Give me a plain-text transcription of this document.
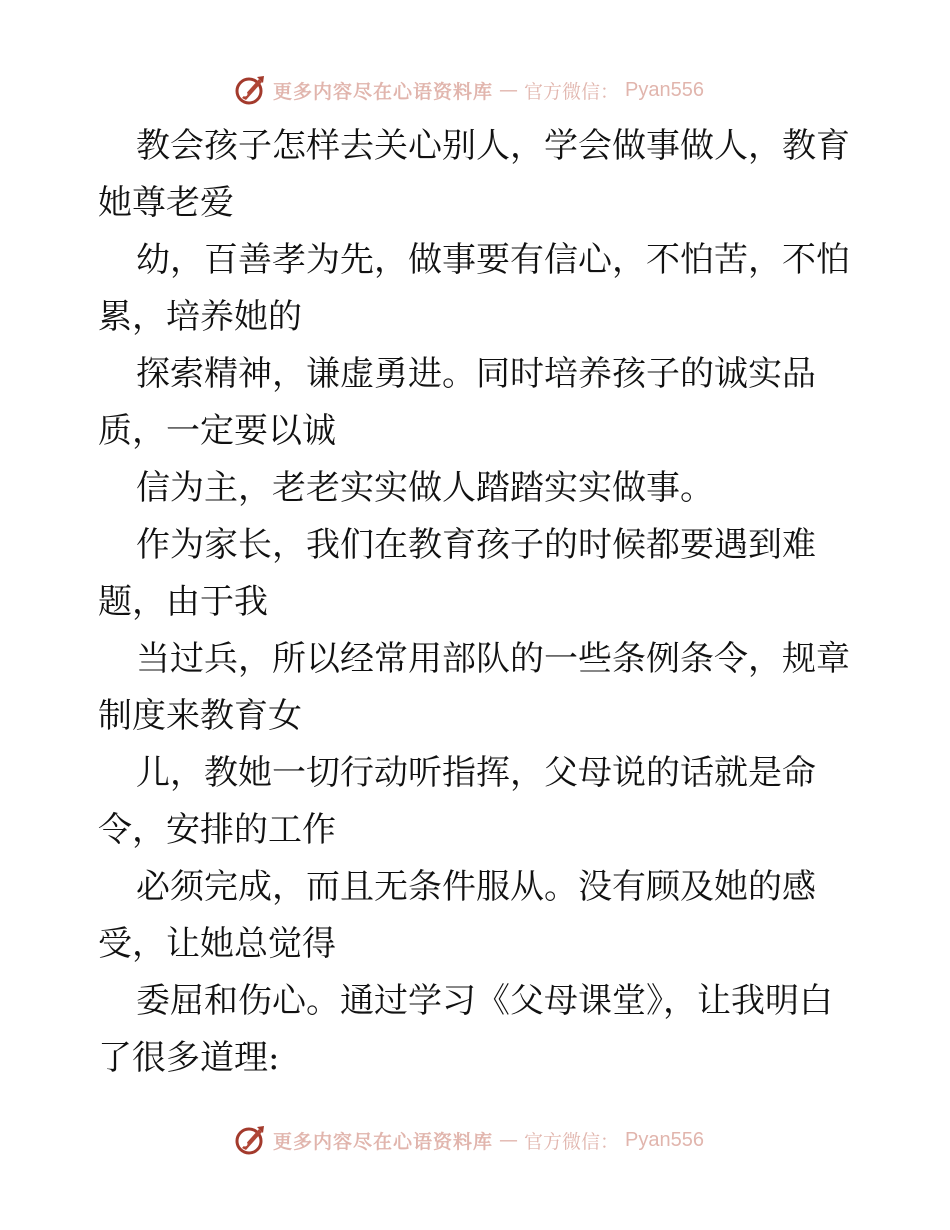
更多内容尽在心语资料库 — 官方微信： Pyan556
教会孩子怎样去关心别人，学会做事做人，教育
她尊老爱
幼，百善孝为先，做事要有信心，不怕苦，不怕
累，培养她的
探索精神，谦虚勇进。同时培养孩子的诚实品
质，一定要以诚
信为主，老老实实做人踏踏实实做事。
作为家长，我们在教育孩子的时候都要遇到难
题，由于我
当过兵，所以经常用部队的一些条例条令，规章
制度来教育女
儿，教她一切行动听指挥，父母说的话就是命
令，安排的工作
必须完成，而且无条件服从。没有顾及她的感
受，让她总觉得
委屈和伤心。通过学习《父母课堂》，让我明白
了很多道理:
更多内容尽在心语资料库 — 官方微信： Pyan556
